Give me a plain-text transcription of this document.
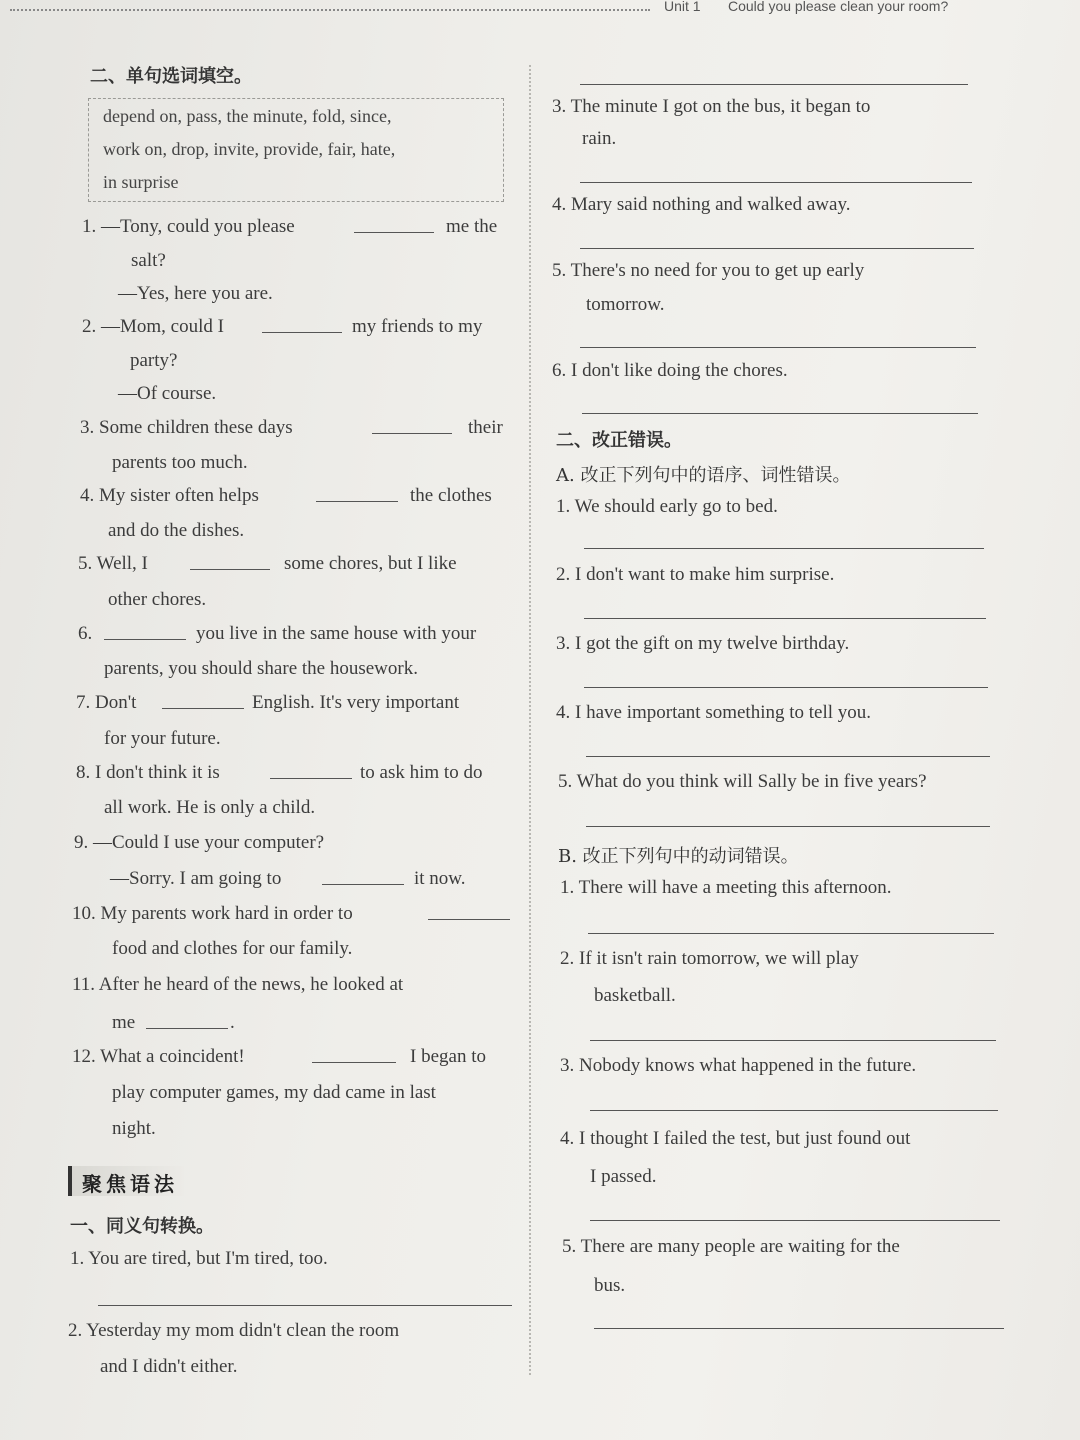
Unit 1 Could you please clean your room?
二、单句选词填空。
depend on, pass, the minute, fold, since,
work on, drop, invite, provide, fair, hate,
in surprise
1. —Tony, could you please	me the
salt?
—Yes, here you are.
2. —Mom, could I	my friends to my
party?
—Of course.
3. Some children these days	their
parents too much.
4. My sister often helps	the clothes
and do the dishes.
5. Well, I	some chores, but I like
other chores.
6.	you live in the same house with your
parents, you should share the housework.
7. Don't	English. It's very important
for your future.
8. I don't think it is	to ask him to do
all work. He is only a child.
9. —Could I use your computer?
—Sorry. I am going to	it now.
10. My parents work hard in order to
food and clothes for our family.
11. After he heard of the news, he looked at
me	.
12. What a coincident!	I began to
play computer games, my dad came in last
night.
聚焦语法
一、同义句转换。
1. You are tired, but I'm tired, too.
2. Yesterday my mom didn't clean the room
and I didn't either.
3. The minute I got on the bus, it began to
rain.
4. Mary said nothing and walked away.
5. There's no need for you to get up early
tomorrow.
6. I don't like doing the chores.
二、改正错误。
A. 改正下列句中的语序、词性错误。
1. We should early go to bed.
2. I don't want to make him surprise.
3. I got the gift on my twelve birthday.
4. I have important something to tell you.
5. What do you think will Sally be in five years?
B. 改正下列句中的动词错误。
1. There will have a meeting this afternoon.
2. If it isn't rain tomorrow, we will play
basketball.
3. Nobody knows what happened in the future.
4. I thought I failed the test, but just found out
I passed.
5. There are many people are waiting for the
bus.
